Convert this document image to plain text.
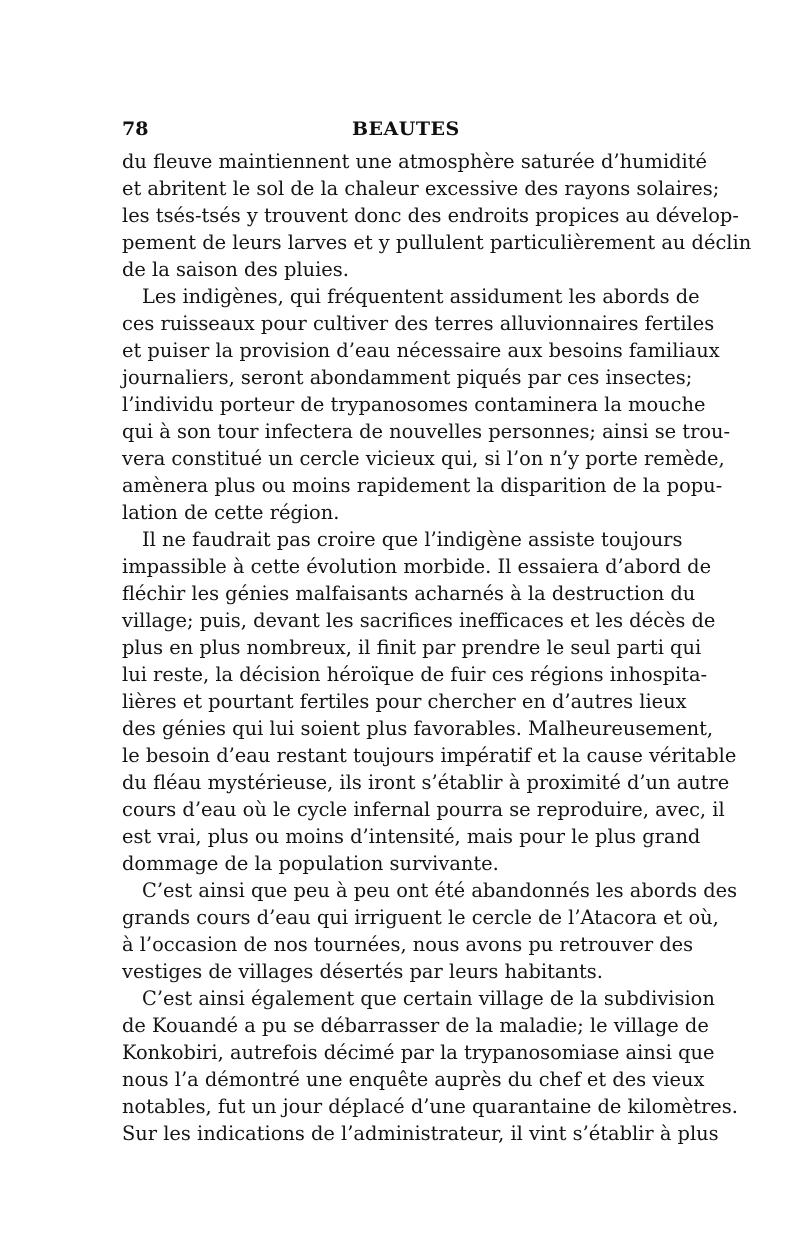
78	BEAUTES

du fleuve maintiennent une atmosphère saturée d’humidité
et abritent le sol de la chaleur excessive des rayons solaires;
les tsés-tsés y trouvent donc des endroits propices au dévelop-
pement de leurs larves et y pullulent particulièrement au déclin
de la saison des pluies.

Les indigènes, qui fréquentent assidument les abords de
ces ruisseaux pour cultiver des terres alluvionnaires fertiles
et puiser la provision d’eau nécessaire aux besoins familiaux
journaliers, seront abondamment piqués par ces insectes;
l’individu porteur de trypanosomes contaminera la mouche
qui à son tour infectera de nouvelles personnes; ainsi se trou-
vera constitué un cercle vicieux qui, si l’on n’y porte remède,
amènera plus ou moins rapidement la disparition de la popu-
lation de cette région.

Il ne faudrait pas croire que l’indigène assiste toujours
impassible à cette évolution morbide. Il essaiera d’abord de
fléchir les génies malfaisants acharnés à la destruction du
village; puis, devant les sacrifices inefficaces et les décès de
plus en plus nombreux, il finit par prendre le seul parti qui
lui reste, la décision héroïque de fuir ces régions inhospita-
lières et pourtant fertiles pour chercher en d’autres lieux
des génies qui lui soient plus favorables. Malheureusement,
le besoin d’eau restant toujours impératif et la cause véritable
du fléau mystérieuse, ils iront s’établir à proximité d’un autre
cours d’eau où le cycle infernal pourra se reproduire, avec, il
est vrai, plus ou moins d’intensité, mais pour le plus grand
dommage de la population survivante.

C’est ainsi que peu à peu ont été abandonnés les abords des
grands cours d’eau qui irriguent le cercle de l’Atacora et où,
à l’occasion de nos tournées, nous avons pu retrouver des
vestiges de villages désertés par leurs habitants.

C’est ainsi également que certain village de la subdivision
de Kouandé a pu se débarrasser de la maladie; le village de
Konkobiri, autrefois décimé par la trypanosomiase ainsi que
nous l’a démontré une enquête auprès du chef et des vieux
notables, fut un jour déplacé d’une quarantaine de kilomètres.
Sur les indications de l’administrateur, il vint s’établir à plus
